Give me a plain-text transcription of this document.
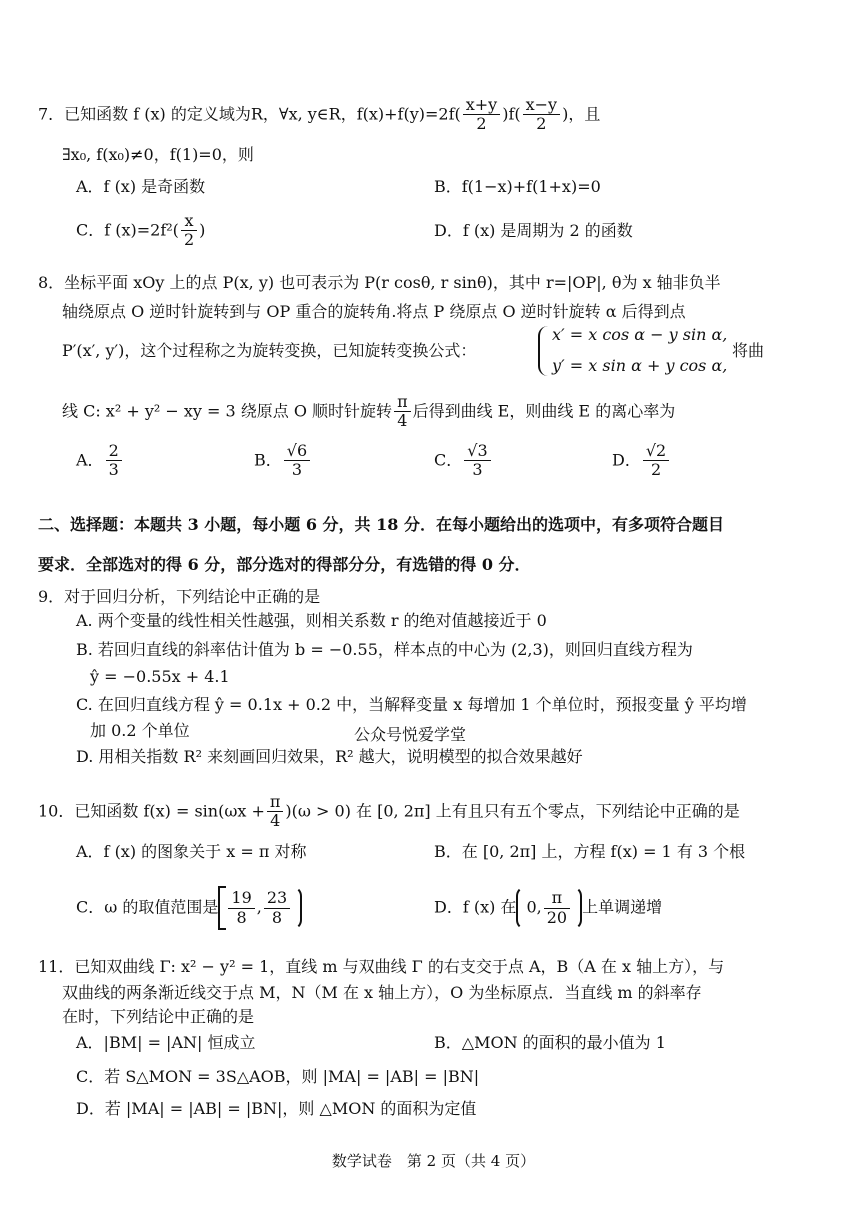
7．已知函数 f (x) 的定义域为R，∀x, y∈R，$f(x)+f(y)=2f( \frac{x+y}{2} )f( \frac{x-y}{2}$ )，且
∃x₀, f(x₀)≠0，f(1)=0，则
A．f (x) 是奇函数	B．f(1−x)+f(1+x)=0
C．f $(x)=2f^2( \frac{x}{2}$ )	D．f (x) 是周期为 2 的函数
8．坐标平面 xOy 上的点 P(x, y) 也可表示为 P(r cosθ, r sinθ)，其中 r=|OP|, θ为 x 轴非负半
轴绕原点 O 逆时针旋转到与 OP 重合的旋转角.将点 P 绕原点 O 逆时针旋转 α 后得到点
P′(x′, y′)，这个过程称之为旋转变换，已知旋转变换公式：
x′ = x cos α − y sin α,
y′ = x sin α + y cos α,
将曲
线 C: x² + y² − xy = 3 绕原点 O 顺时针旋转 $\frac{\pi}{4}$ 后得到曲线 E，则曲线 E 的离心率为
A． $\frac{2}{3}$	B． $\frac{√6}{3}$	C． $\frac{√3}{3}$	D． $\frac{√2}{2}$
二、选择题：本题共 3 小题，每小题 6 分，共 18 分．在每小题给出的选项中，有多项符合题目
要求．全部选对的得 6 分，部分选对的得部分分，有选错的得 0 分．
9．对于回归分析，下列结论中正确的是
A. 两个变量的线性相关性越强，则相关系数 r 的绝对值越接近于 0
B. 若回归直线的斜率估计值为 b = −0.55，样本点的中心为 (2,3)，则回归直线方程为
ŷ = −0.55x + 4.1
C. 在回归直线方程 ŷ = 0.1x + 0.2 中，当解释变量 x 每增加 1 个单位时，预报变量 ŷ 平均增
加 0.2 个单位	公众号悦爱学堂
D. 用相关指数 R² 来刻画回归效果，R² 越大，说明模型的拟合效果越好
10．已知函数 $f(x) = \sin(\omega x + \frac{\pi}{4} )(\omega > 0)$ 在 [0, 2π] 上有且只有五个零点，下列结论中正确的是
A．f (x) 的图象关于 x = π 对称	B．在 [0, 2π] 上，方程 f(x) = 1 有 3 个根
C．ω 的取值范围是 $\frac{19}{8}$ , $\frac{23}{8}$	D．f (x) 在 0, $\frac{\pi}{20}$ 上单调递增
11．已知双曲线 Γ: x² − y² = 1，直线 m 与双曲线 Γ 的右支交于点 A，B（A 在 x 轴上方），与
双曲线的两条渐近线交于点 M，N（M 在 x 轴上方），O 为坐标原点．当直线 m 的斜率存
在时，下列结论中正确的是
A．|BM| = |AN| 恒成立	B．△MON 的面积的最小值为 1
C．若 S△MON = 3S△AOB，则 |MA| = |AB| = |BN|
D．若 |MA| = |AB| = |BN|，则 △MON 的面积为定值
数学试卷　第 2 页（共 4 页）
